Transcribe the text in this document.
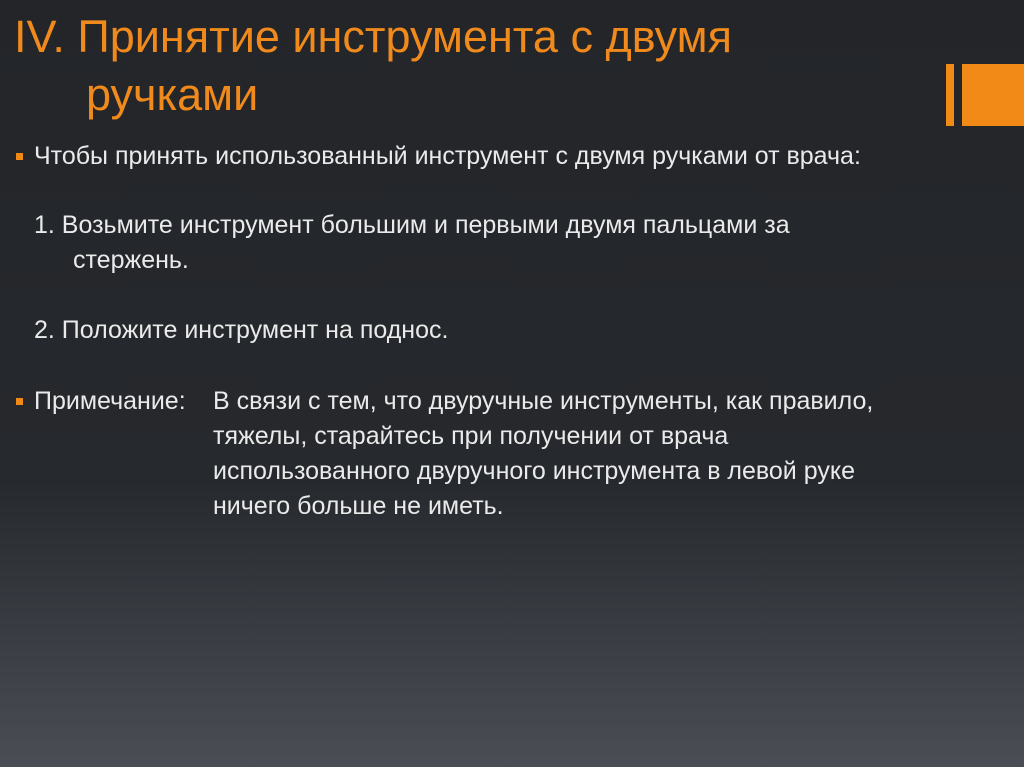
IV. Принятие инструмента с двумя
ручками
Чтобы принять использованный инструмент с двумя ручками от врача:
1. Возьмите инструмент большим и первыми двумя пальцами за
стержень.
2. Положите инструмент на поднос.
Примечание: В связи с тем, что двуручные инструменты, как правило,
тяжелы, старайтесь при получении от врача
использованного двуручного инструмента в левой руке
ничего больше не иметь.
